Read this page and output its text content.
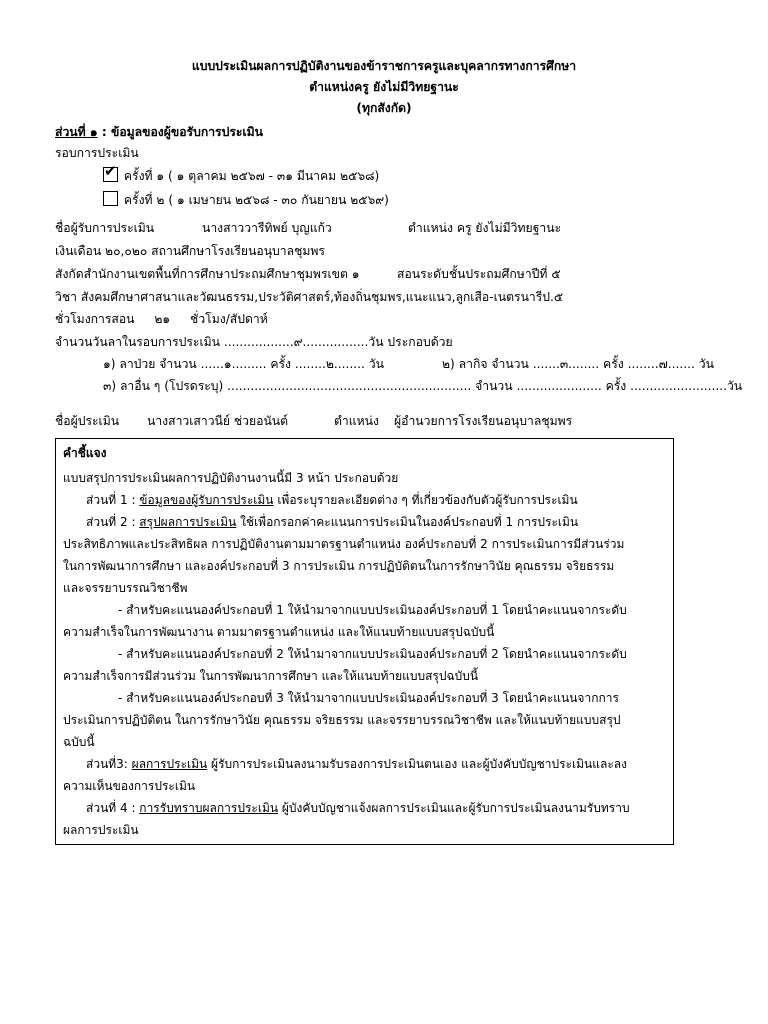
แบบประเมินผลการปฏิบัติงานของข้าราชการครูและบุคลากรทางการศึกษา
ตำแหน่งครู ยังไม่มีวิทยฐานะ
(ทุกสังกัด)
ส่วนที่ ๑ : ข้อมูลของผู้ขอรับการประเมิน
รอบการประเมิน
✔ ครั้งที่ ๑ ( ๑ ตุลาคม ๒๕๖๗ - ๓๑ มีนาคม ๒๕๖๘)
ครั้งที่ ๒ ( ๑ เมษายน ๒๕๖๘ - ๓๐ กันยายน ๒๕๖๙)
ชื่อผู้รับการประเมิน	นางสาววารีทิพย์ บุญแก้ว	ตำแหน่ง ครู ยังไม่มีวิทยฐานะ
เงินเดือน ๒๐,๐๒๐ สถานศึกษาโรงเรียนอนุบาลชุมพร
สังกัดสำนักงานเขตพื้นที่การศึกษาประถมศึกษาชุมพรเขต ๑	สอนระดับชั้นประถมศึกษาปีที่ ๕
วิชา สังคมศึกษาศาสนาและวัฒนธรรม,ประวัติศาสตร์,ท้องถิ่นชุมพร,แนะแนว,ลูกเสือ-เนตรนารีป.๕
ชั่วโมงการสอน ๒๑ ชั่วโมง/สัปดาห์
จำนวนวันลาในรอบการประเมิน ..................๙.................วัน ประกอบด้วย
๑) ลาป่วย จำนวน ......๑......... ครั้ง ........๒........ วัน	๒) ลากิจ จำนวน .......๓........ ครั้ง ........๗....... วัน
๓) ลาอื่น ๆ (โปรดระบุ) ............................................................... จำนวน ...................... ครั้ง .........................วัน
ชื่อผู้ประเมิน นางสาวเสาวนีย์ ช่วยอนันต์	ตำแหน่ง ผู้อำนวยการโรงเรียนอนุบาลชุมพร
คำชี้แจง
แบบสรุปการประเมินผลการปฏิบัติงานงานนี้มี 3 หน้า ประกอบด้วย
ส่วนที่ 1 : ข้อมูลของผู้รับการประเมิน เพื่อระบุรายละเอียดต่าง ๆ ที่เกี่ยวข้องกับตัวผู้รับการประเมิน
ส่วนที่ 2 : สรุปผลการประเมิน ใช้เพื่อกรอกค่าคะแนนการประเมินในองค์ประกอบที่ 1 การประเมิน
ประสิทธิภาพและประสิทธิผล การปฏิบัติงานตามมาตรฐานตำแหน่ง องค์ประกอบที่ 2 การประเมินการมีส่วนร่วม
ในการพัฒนาการศึกษา และองค์ประกอบที่ 3 การประเมิน การปฏิบัติตนในการรักษาวินัย คุณธรรม จริยธรรม
และจรรยาบรรณวิชาชีพ
- สำหรับคะแนนองค์ประกอบที่ 1 ให้นำมาจากแบบประเมินองค์ประกอบที่ 1 โดยนำคะแนนจากระดับ
ความสำเร็จในการพัฒนางาน ตามมาตรฐานตำแหน่ง และให้แนบท้ายแบบสรุปฉบับนี้
- สำหรับคะแนนองค์ประกอบที่ 2 ให้นำมาจากแบบประเมินองค์ประกอบที่ 2 โดยนำคะแนนจากระดับ
ความสำเร็จการมีส่วนร่วม ในการพัฒนาการศึกษา และให้แนบท้ายแบบสรุปฉบับนี้
- สำหรับคะแนนองค์ประกอบที่ 3 ให้นำมาจากแบบประเมินองค์ประกอบที่ 3 โดยนำคะแนนจากการ
ประเมินการปฏิบัติตน ในการรักษาวินัย คุณธรรม จริยธรรม และจรรยาบรรณวิชาชีพ และให้แนบท้ายแบบสรุป
ฉบับนี้
ส่วนที่3: ผลการประเมิน ผู้รับการประเมินลงนามรับรองการประเมินตนเอง และผู้บังคับบัญชาประเมินและลง
ความเห็นของการประเมิน
ส่วนที่ 4 : การรับทราบผลการประเมิน ผู้บังคับบัญชาแจ้งผลการประเมินและผู้รับการประเมินลงนามรับทราบ
ผลการประเมิน
